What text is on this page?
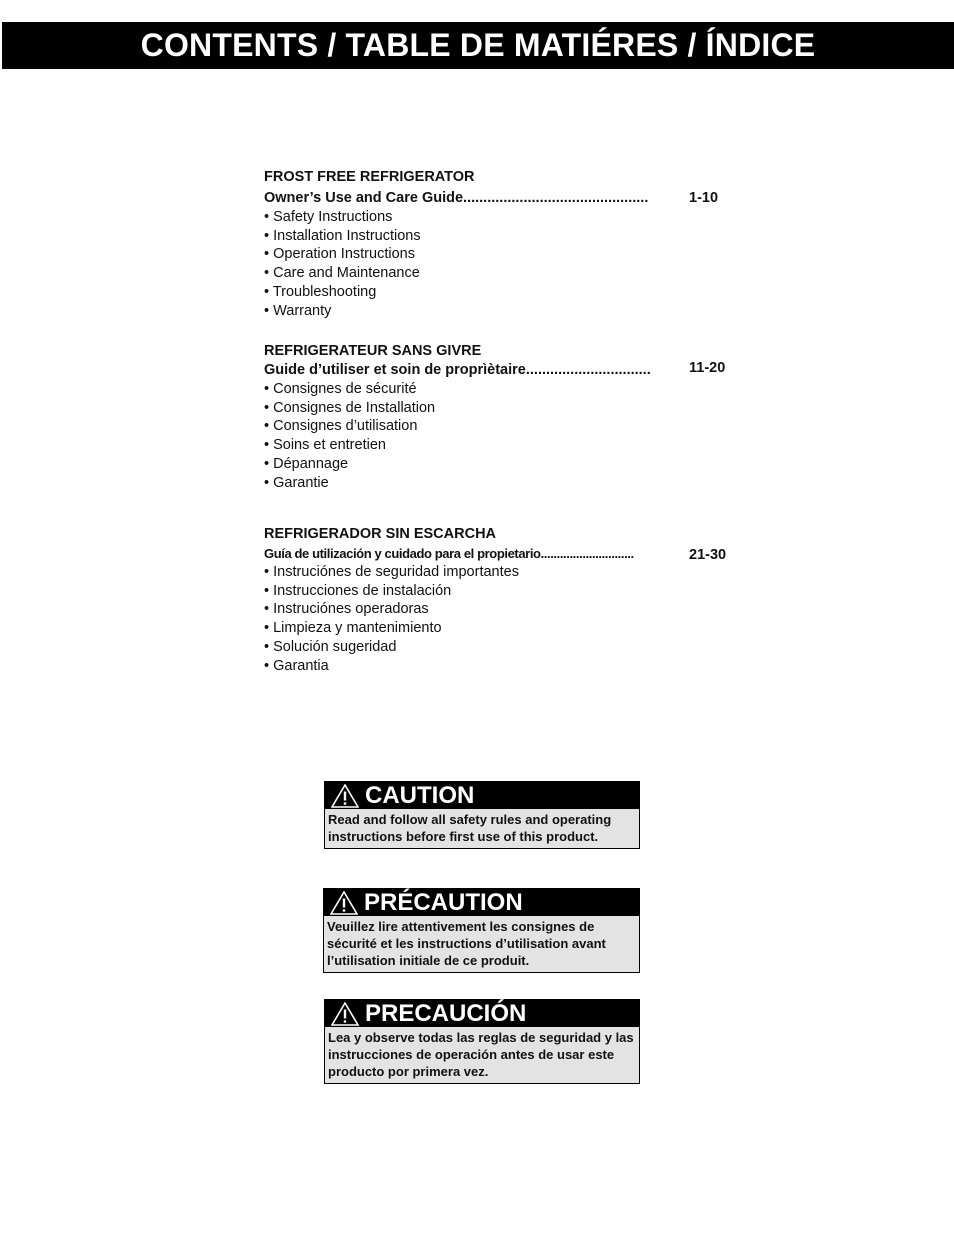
CONTENTS / TABLE DE MATIÉRES / ÍNDICE
FROST FREE REFRIGERATOR
Owner’s Use and Care Guide..............................................	1-10
• Safety Instructions
• Installation Instructions
• Operation Instructions
• Care and Maintenance
• Troubleshooting
• Warranty
REFRIGERATEUR SANS GIVRE
Guide d’utiliser et soin de proprìètaire...............................	11-20
• Consignes de sécurité
• Consignes de Installation
• Consignes d’utilisation
• Soins et entretien
• Dépannage
• Garantie
REFRIGERADOR SIN ESCARCHA
Guía de utilización y cuidado para el propietario.............................	21-30
• Instruciónes de seguridad importantes
• Instrucciones de instalación
• Instruciónes operadoras
• Limpieza y mantenimiento
• Solución sugeridad
• Garantia
CAUTION
Read and follow all safety rules and operating instructions before first use of this product.
PRÉCAUTION
Veuillez lire attentivement les consignes de sécurité et les instructions d’utilisation avant l’utilisation initiale de ce produit.
PRECAUCIÓN
Lea y observe todas las reglas de seguridad y las instrucciones de operación antes de usar este producto por primera vez.
